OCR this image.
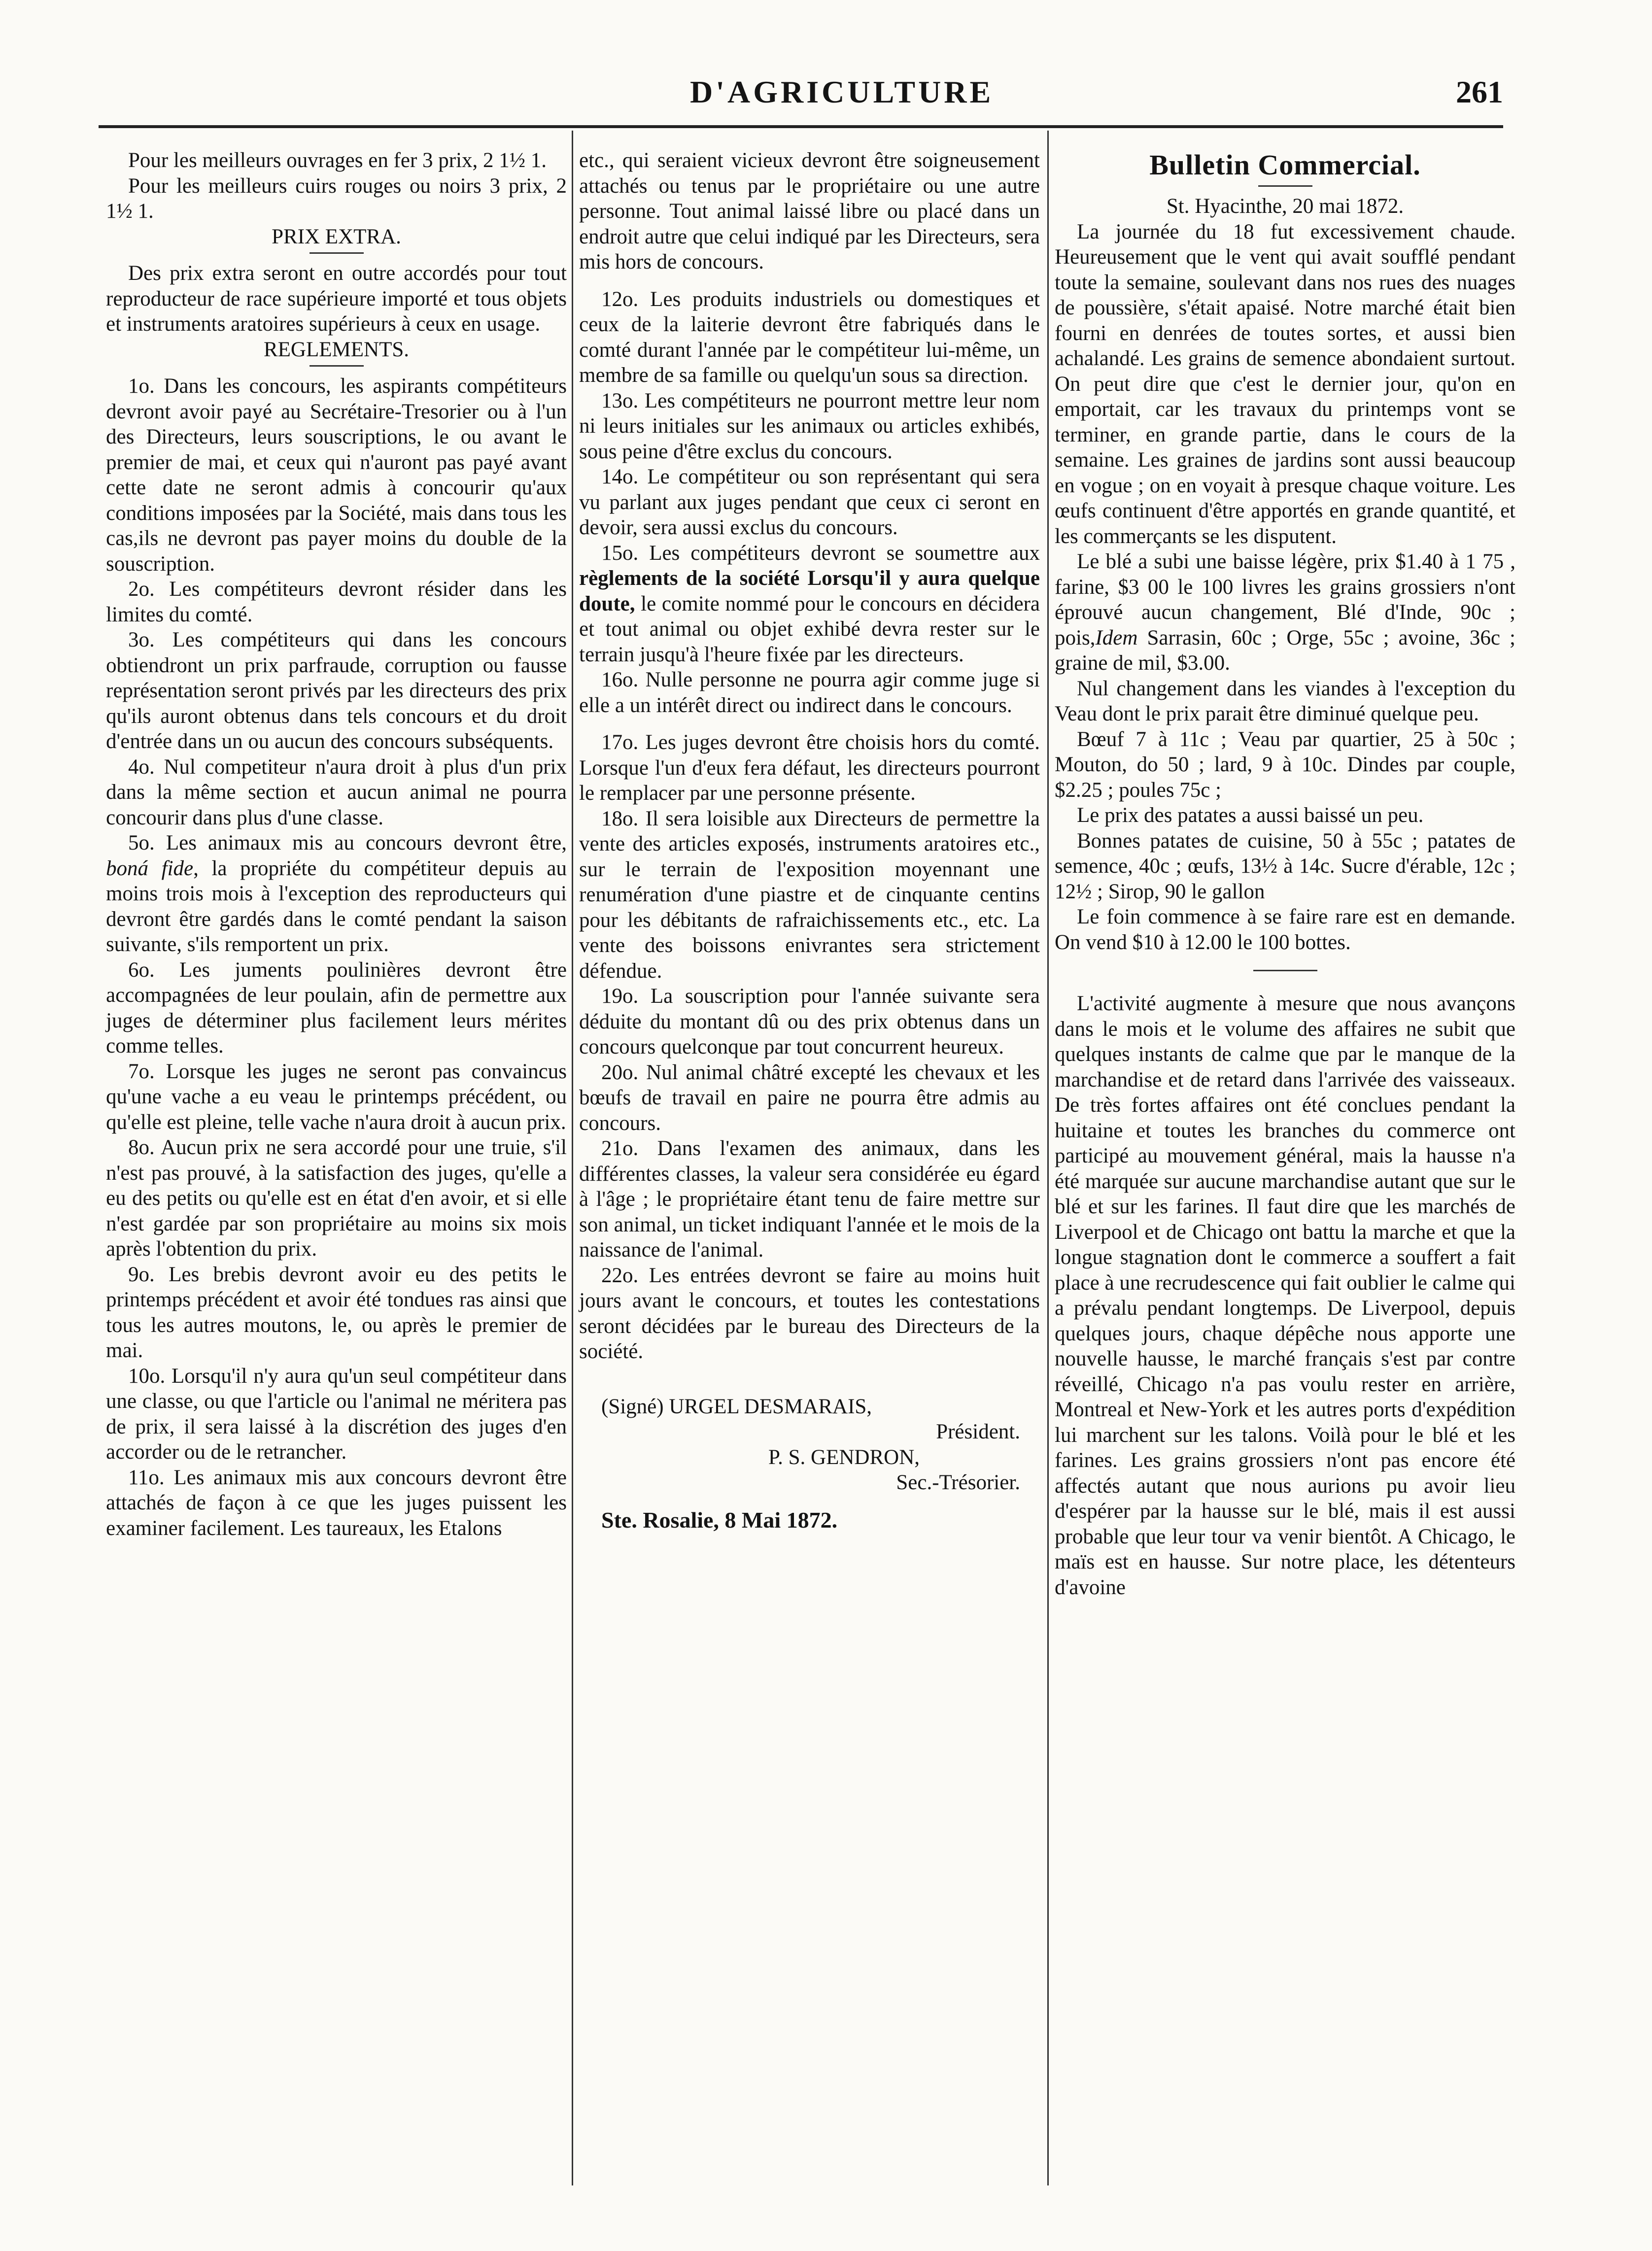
D'AGRICULTURE	261

Pour les meilleurs ouvrages en fer 3 prix, 2 1½ 1.

Pour les meilleurs cuirs rouges ou noirs 3 prix, 2 1½ 1.

PRIX EXTRA.

Des prix extra seront en outre accordés pour tout reproducteur de race supérieure importé et tous objets et instruments aratoires supérieurs à ceux en usage.

REGLEMENTS.

1o. Dans les concours, les aspirants compétiteurs devront avoir payé au Secrétaire-Tresorier ou à l'un des Directeurs, leurs souscriptions, le ou avant le premier de mai, et ceux qui n'auront pas payé avant cette date ne seront admis à concourir qu'aux conditions imposées par la Société, mais dans tous les cas,ils ne devront pas payer moins du double de la souscription.

2o. Les compétiteurs devront résider dans les limites du comté.

3o. Les compétiteurs qui dans les concours obtiendront un prix parfraude, corruption ou fausse représentation seront privés par les directeurs des prix qu'ils auront obtenus dans tels concours et du droit d'entrée dans un ou aucun des concours subséquents.

4o. Nul competiteur n'aura droit à plus d'un prix dans la même section et aucun animal ne pourra concourir dans plus d'une classe.

5o. Les animaux mis au concours devront être, boná fide, la propriéte du compétiteur depuis au moins trois mois à l'exception des reproducteurs qui devront être gardés dans le comté pendant la saison suivante, s'ils remportent un prix.

6o. Les juments poulinières devront être accompagnées de leur poulain, afin de permettre aux juges de déterminer plus facilement leurs mérites comme telles.

7o. Lorsque les juges ne seront pas convaincus qu'une vache a eu veau le printemps précédent, ou qu'elle est pleine, telle vache n'aura droit à aucun prix.

8o. Aucun prix ne sera accordé pour une truie, s'il n'est pas prouvé, à la satisfaction des juges, qu'elle a eu des petits ou qu'elle est en état d'en avoir, et si elle n'est gardée par son propriétaire au moins six mois après l'obtention du prix.

9o. Les brebis devront avoir eu des petits le printemps précédent et avoir été tondues ras ainsi que tous les autres moutons, le, ou après le premier de mai.

10o. Lorsqu'il n'y aura qu'un seul compétiteur dans une classe, ou que l'article ou l'animal ne méritera pas de prix, il sera laissé à la discrétion des juges d'en accorder ou de le retrancher.

11o. Les animaux mis aux concours devront être attachés de façon à ce que les juges puissent les examiner facilement. Les taureaux, les Etalons

etc., qui seraient vicieux devront être soigneusement attachés ou tenus par le propriétaire ou une autre personne. Tout animal laissé libre ou placé dans un endroit autre que celui indiqué par les Directeurs, sera mis hors de concours.

12o. Les produits industriels ou domestiques et ceux de la laiterie devront être fabriqués dans le comté durant l'année par le compétiteur lui-même, un membre de sa famille ou quelqu'un sous sa direction.

13o. Les compétiteurs ne pourront mettre leur nom ni leurs initiales sur les animaux ou articles exhibés, sous peine d'être exclus du concours.

14o. Le compétiteur ou son représentant qui sera vu parlant aux juges pendant que ceux ci seront en devoir, sera aussi exclus du concours.

15o. Les compétiteurs devront se soumettre aux règlements de la société Lorsqu'il y aura quelque doute, le comite nommé pour le concours en décidera et tout animal ou objet exhibé devra rester sur le terrain jusqu'à l'heure fixée par les directeurs.

16o. Nulle personne ne pourra agir comme juge si elle a un intérêt direct ou indirect dans le concours.

17o. Les juges devront être choisis hors du comté. Lorsque l'un d'eux fera défaut, les directeurs pourront le remplacer par une personne présente.

18o. Il sera loisible aux Directeurs de permettre la vente des articles exposés, instruments aratoires etc., sur le terrain de l'exposition moyennant une renumération d'une piastre et de cinquante centins pour les débitants de rafraichissements etc., etc. La vente des boissons enivrantes sera strictement défendue.

19o. La souscription pour l'année suivante sera déduite du montant dû ou des prix obtenus dans un concours quelconque par tout concurrent heureux.

20o. Nul animal châtré excepté les chevaux et les bœufs de travail en paire ne pourra être admis au concours.

21o. Dans l'examen des animaux, dans les différentes classes, la valeur sera considérée eu égard à l'âge ; le propriétaire étant tenu de faire mettre sur son animal, un ticket indiquant l'année et le mois de la naissance de l'animal.

22o. Les entrées devront se faire au moins huit jours avant le concours, et toutes les contestations seront décidées par le bureau des Directeurs de la société.

(Signé) URGEL DESMARAIS,

Président.

P. S. GENDRON,

Sec.-Trésorier.

Ste. Rosalie, 8 Mai 1872.

Bulletin Commercial.

St. Hyacinthe, 20 mai 1872.

La journée du 18 fut excessivement chaude. Heureusement que le vent qui avait soufflé pendant toute la semaine, soulevant dans nos rues des nuages de poussière, s'était apaisé. Notre marché était bien fourni en denrées de toutes sortes, et aussi bien achalandé. Les grains de semence abondaient surtout. On peut dire que c'est le dernier jour, qu'on en emportait, car les travaux du printemps vont se terminer, en grande partie, dans le cours de la semaine. Les graines de jardins sont aussi beaucoup en vogue ; on en voyait à presque chaque voiture. Les œufs continuent d'être apportés en grande quantité, et les commerçants se les disputent.

Le blé a subi une baisse légère, prix $1.40 à 1 75 , farine, $3 00 le 100 livres les grains grossiers n'ont éprouvé aucun changement, Blé d'Inde, 90c ; pois,Idem Sarrasin, 60c ; Orge, 55c ; avoine, 36c ; graine de mil, $3.00.

Nul changement dans les viandes à l'exception du Veau dont le prix parait être diminué quelque peu.

Bœuf 7 à 11c ; Veau par quartier, 25 à 50c ; Mouton, do 50 ; lard, 9 à 10c. Dindes par couple, $2.25 ; poules 75c ;

Le prix des patates a aussi baissé un peu.

Bonnes patates de cuisine, 50 à 55c ; patates de semence, 40c ; œufs, 13½ à 14c. Sucre d'érable, 12c ; 12½ ; Sirop, 90 le gallon

Le foin commence à se faire rare est en demande. On vend $10 à 12.00 le 100 bottes.

L'activité augmente à mesure que nous avançons dans le mois et le volume des affaires ne subit que quelques instants de calme que par le manque de la marchandise et de retard dans l'arrivée des vaisseaux. De très fortes affaires ont été conclues pendant la huitaine et toutes les branches du commerce ont participé au mouvement général, mais la hausse n'a été marquée sur aucune marchandise autant que sur le blé et sur les farines. Il faut dire que les marchés de Liverpool et de Chicago ont battu la marche et que la longue stagnation dont le commerce a souffert a fait place à une recrudescence qui fait oublier le calme qui a prévalu pendant longtemps. De Liverpool, depuis quelques jours, chaque dépêche nous apporte une nouvelle hausse, le marché français s'est par contre réveillé, Chicago n'a pas voulu rester en arrière, Montreal et New-York et les autres ports d'expédition lui marchent sur les talons. Voilà pour le blé et les farines. Les grains grossiers n'ont pas encore été affectés autant que nous aurions pu avoir lieu d'espérer par la hausse sur le blé, mais il est aussi probable que leur tour va venir bientôt. A Chicago, le maïs est en hausse. Sur notre place, les détenteurs d'avoine
